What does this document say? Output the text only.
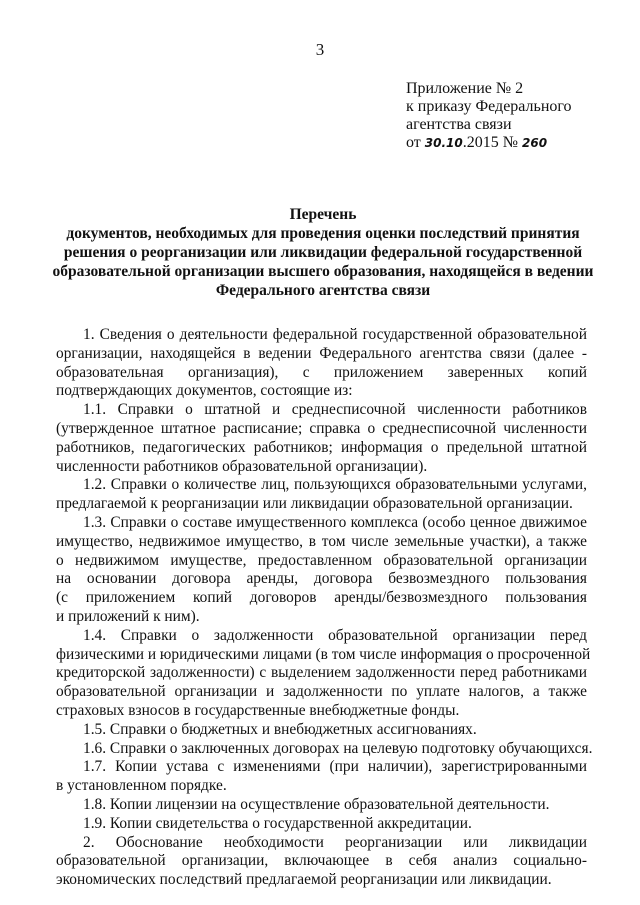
3
Приложение № 2
к приказу Федерального
агентства связи
от 30.10.2015 № 260
Перечень
документов, необходимых для проведения оценки последствий принятия
решения о реорганизации или ликвидации федеральной государственной
образовательной организации высшего образования, находящейся в ведении
Федерального агентства связи
1. Сведения о деятельности федеральной государственной образовательной
организации, находящейся в ведении Федерального агентства связи (далее -
образовательная организация), с приложением заверенных копий
подтверждающих документов, состоящие из:
1.1. Справки о штатной и среднесписочной численности работников
(утвержденное штатное расписание; справка о среднесписочной численности
работников, педагогических работников; информация о предельной штатной
численности работников образовательной организации).
1.2. Справки о количестве лиц, пользующихся образовательными услугами,
предлагаемой к реорганизации или ликвидации образовательной организации.
1.3. Справки о составе имущественного комплекса (особо ценное движимое
имущество, недвижимое имущество, в том числе земельные участки), а также
о недвижимом имуществе, предоставленном образовательной организации
на основании договора аренды, договора безвозмездного пользования
(с приложением копий договоров аренды/безвозмездного пользования
и приложений к ним).
1.4. Справки о задолженности образовательной организации перед
физическими и юридическими лицами (в том числе информация о просроченной
кредиторской задолженности) с выделением задолженности перед работниками
образовательной организации и задолженности по уплате налогов, а также
страховых взносов в государственные внебюджетные фонды.
1.5. Справки о бюджетных и внебюджетных ассигнованиях.
1.6. Справки о заключенных договорах на целевую подготовку обучающихся.
1.7. Копии устава с изменениями (при наличии), зарегистрированными
в установленном порядке.
1.8. Копии лицензии на осуществление образовательной деятельности.
1.9. Копии свидетельства о государственной аккредитации.
2. Обоснование необходимости реорганизации или ликвидации
образовательной организации, включающее в себя анализ социально-
экономических последствий предлагаемой реорганизации или ликвидации.
